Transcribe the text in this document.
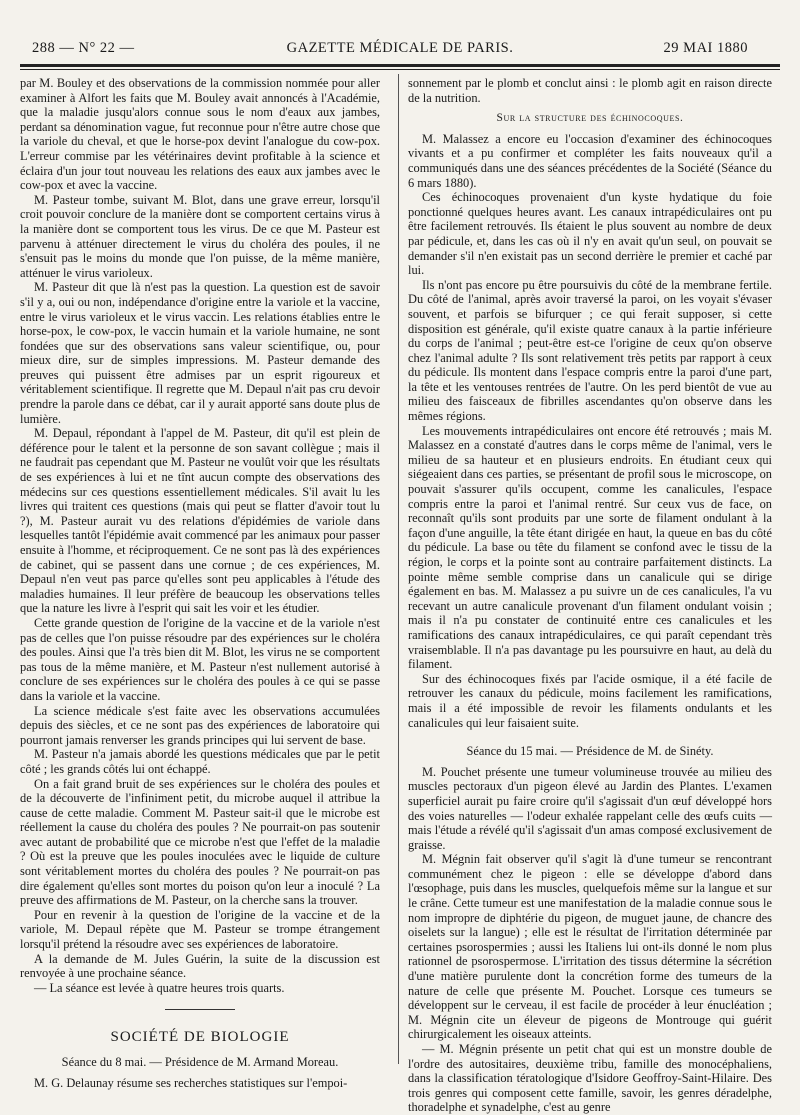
288 — N° 22 —	GAZETTE MÉDICALE DE PARIS.	29 MAI 1880

par M. Bouley et des observations de la commission nommée pour aller examiner à Alfort les faits que M. Bouley avait annoncés à l'Académie, que la maladie jusqu'alors connue sous le nom d'eaux aux jambes, perdant sa dénomination vague, fut reconnue pour n'être autre chose que la variole du cheval, et que le horse-pox devint l'analogue du cow-pox. L'erreur commise par les vétérinaires devint profitable à la science et éclaira d'un jour tout nouveau les relations des eaux aux jambes avec le cow-pox et avec la vaccine.

M. Pasteur tombe, suivant M. Blot, dans une grave erreur, lorsqu'il croit pouvoir conclure de la manière dont se comportent certains virus à la manière dont se comportent tous les virus. De ce que M. Pasteur est parvenu à atténuer directement le virus du choléra des poules, il ne s'ensuit pas le moins du monde que l'on puisse, de la même manière, atténuer le virus varioleux.

M. Pasteur dit que là n'est pas la question. La question est de savoir s'il y a, oui ou non, indépendance d'origine entre la variole et la vaccine, entre le virus varioleux et le virus vaccin. Les relations établies entre le horse-pox, le cow-pox, le vaccin humain et la variole humaine, ne sont fondées que sur des observations sans valeur scientifique, ou, pour mieux dire, sur de simples impressions. M. Pasteur demande des preuves qui puissent être admises par un esprit rigoureux et véritablement scientifique. Il regrette que M. Depaul n'ait pas cru devoir prendre la parole dans ce débat, car il y aurait apporté sans doute plus de lumière.

M. Depaul, répondant à l'appel de M. Pasteur, dit qu'il est plein de déférence pour le talent et la personne de son savant collègue ; mais il ne faudrait pas cependant que M. Pasteur ne voulût voir que les résultats de ses expériences à lui et ne tînt aucun compte des observations des médecins sur ces questions essentiellement médicales. S'il avait lu les livres qui traitent ces questions (mais qui peut se flatter d'avoir tout lu ?), M. Pasteur aurait vu des relations d'épidémies de variole dans lesquelles tantôt l'épidémie avait commencé par les animaux pour passer ensuite à l'homme, et réciproquement. Ce ne sont pas là des expériences de cabinet, qui se passent dans une cornue ; de ces expériences, M. Depaul n'en veut pas parce qu'elles sont peu applicables à l'étude des maladies humaines. Il leur préfère de beaucoup les observations telles que la nature les livre à l'esprit qui sait les voir et les étudier.

Cette grande question de l'origine de la vaccine et de la variole n'est pas de celles que l'on puisse résoudre par des expériences sur le choléra des poules. Ainsi que l'a très bien dit M. Blot, les virus ne se comportent pas tous de la même manière, et M. Pasteur n'est nullement autorisé à conclure de ses expériences sur le choléra des poules à ce qui se passe dans la variole et la vaccine.

La science médicale s'est faite avec les observations accumulées depuis des siècles, et ce ne sont pas des expériences de laboratoire qui pourront jamais renverser les grands principes qui lui servent de base.

M. Pasteur n'a jamais abordé les questions médicales que par le petit côté ; les grands côtés lui ont échappé.

On a fait grand bruit de ses expériences sur le choléra des poules et de la découverte de l'infiniment petit, du microbe auquel il attribue la cause de cette maladie. Comment M. Pasteur sait-il que le microbe est réellement la cause du choléra des poules ? Ne pourrait-on pas soutenir avec autant de probabilité que ce microbe n'est que l'effet de la maladie ? Où est la preuve que les poules inoculées avec le liquide de culture sont véritablement mortes du choléra des poules ? Ne pourrait-on pas dire également qu'elles sont mortes du poison qu'on leur a inoculé ? La preuve des affirmations de M. Pasteur, on la cherche sans la trouver.

Pour en revenir à la question de l'origine de la vaccine et de la variole, M. Depaul répète que M. Pasteur se trompe étrangement lorsqu'il prétend la résoudre avec ses expériences de laboratoire.

A la demande de M. Jules Guérin, la suite de la discussion est renvoyée à une prochaine séance.

— La séance est levée à quatre heures trois quarts.

SOCIÉTÉ DE BIOLOGIE
Séance du 8 mai. — Présidence de M. Armand Moreau.

M. G. Delaunay résume ses recherches statistiques sur l'empoi-

sonnement par le plomb et conclut ainsi : le plomb agit en raison directe de la nutrition.

Sur la structure des échinocoques.

M. Malassez a encore eu l'occasion d'examiner des échinocoques vivants et a pu confirmer et compléter les faits nouveaux qu'il a communiqués dans une des séances précédentes de la Société (Séance du 6 mars 1880).

Ces échinocoques provenaient d'un kyste hydatique du foie ponctionné quelques heures avant. Les canaux intrapédiculaires ont pu être facilement retrouvés. Ils étaient le plus souvent au nombre de deux par pédicule, et, dans les cas où il n'y en avait qu'un seul, on pouvait se demander s'il n'en existait pas un second derrière le premier et caché par lui.

Ils n'ont pas encore pu être poursuivis du côté de la membrane fertile. Du côté de l'animal, après avoir traversé la paroi, on les voyait s'évaser souvent, et parfois se bifurquer ; ce qui ferait supposer, si cette disposition est générale, qu'il existe quatre canaux à la partie inférieure du corps de l'animal ; peut-être est-ce l'origine de ceux qu'on observe chez l'animal adulte ? Ils sont relativement très petits par rapport à ceux du pédicule. Ils montent dans l'espace compris entre la paroi d'une part, la tête et les ventouses rentrées de l'autre. On les perd bientôt de vue au milieu des faisceaux de fibrilles ascendantes qu'on observe dans les mêmes régions.

Les mouvements intrapédiculaires ont encore été retrouvés ; mais M. Malassez en a constaté d'autres dans le corps même de l'animal, vers le milieu de sa hauteur et en plusieurs endroits. En étudiant ceux qui siégeaient dans ces parties, se présentant de profil sous le microscope, on pouvait s'assurer qu'ils occupent, comme les canalicules, l'espace compris entre la paroi et l'animal rentré. Sur ceux vus de face, on reconnaît qu'ils sont produits par une sorte de filament ondulant à la façon d'une anguille, la tête étant dirigée en haut, la queue en bas du côté du pédicule. La base ou tête du filament se confond avec le tissu de la région, le corps et la pointe sont au contraire parfaitement distincts. La pointe même semble comprise dans un canalicule qui se dirige également en bas. M. Malassez a pu suivre un de ces canalicules, l'a vu recevant un autre canalicule provenant d'un filament ondulant voisin ; mais il n'a pu constater de continuité entre ces canalicules et les ramifications des canaux intrapédiculaires, ce qui paraît cependant très vraisemblable. Il n'a pas davantage pu les poursuivre en haut, au delà du filament.

Sur des échinocoques fixés par l'acide osmique, il a été facile de retrouver les canaux du pédicule, moins facilement les ramifications, mais il a été impossible de revoir les filaments ondulants et les canalicules qui leur faisaient suite.

Séance du 15 mai. — Présidence de M. de Sinéty.

M. Pouchet présente une tumeur volumineuse trouvée au milieu des muscles pectoraux d'un pigeon élevé au Jardin des Plantes. L'examen superficiel aurait pu faire croire qu'il s'agissait d'un œuf développé hors des voies naturelles — l'odeur exhalée rappelant celle des œufs cuits — mais l'étude a révélé qu'il s'agissait d'un amas composé exclusivement de graisse.

M. Mégnin fait observer qu'il s'agit là d'une tumeur se rencontrant communément chez le pigeon : elle se développe d'abord dans l'œsophage, puis dans les muscles, quelquefois même sur la langue et sur le crâne. Cette tumeur est une manifestation de la maladie connue sous le nom impropre de diphtérie du pigeon, de muguet jaune, de chancre des oiselets sur la langue) ; elle est le résultat de l'irritation déterminée par certaines psorospermies ; aussi les Italiens lui ont-ils donné le nom plus rationnel de psorospermose. L'irritation des tissus détermine la sécrétion d'une matière purulente dont la concrétion forme des tumeurs de la nature de celle que présente M. Pouchet. Lorsque ces tumeurs se développent sur le cerveau, il est facile de procéder à leur énucléation ; M. Mégnin cite un éleveur de pigeons de Montrouge qui guérit chirurgicalement les oiseaux atteints.

— M. Mégnin présente un petit chat qui est un monstre double de l'ordre des autositaires, deuxième tribu, famille des monocéphaliens, dans la classification tératologique d'Isidore Geoffroy-Saint-Hilaire. Des trois genres qui composent cette famille, savoir, les genres déradelphe, thoradelphe et synadelphe, c'est au genre
